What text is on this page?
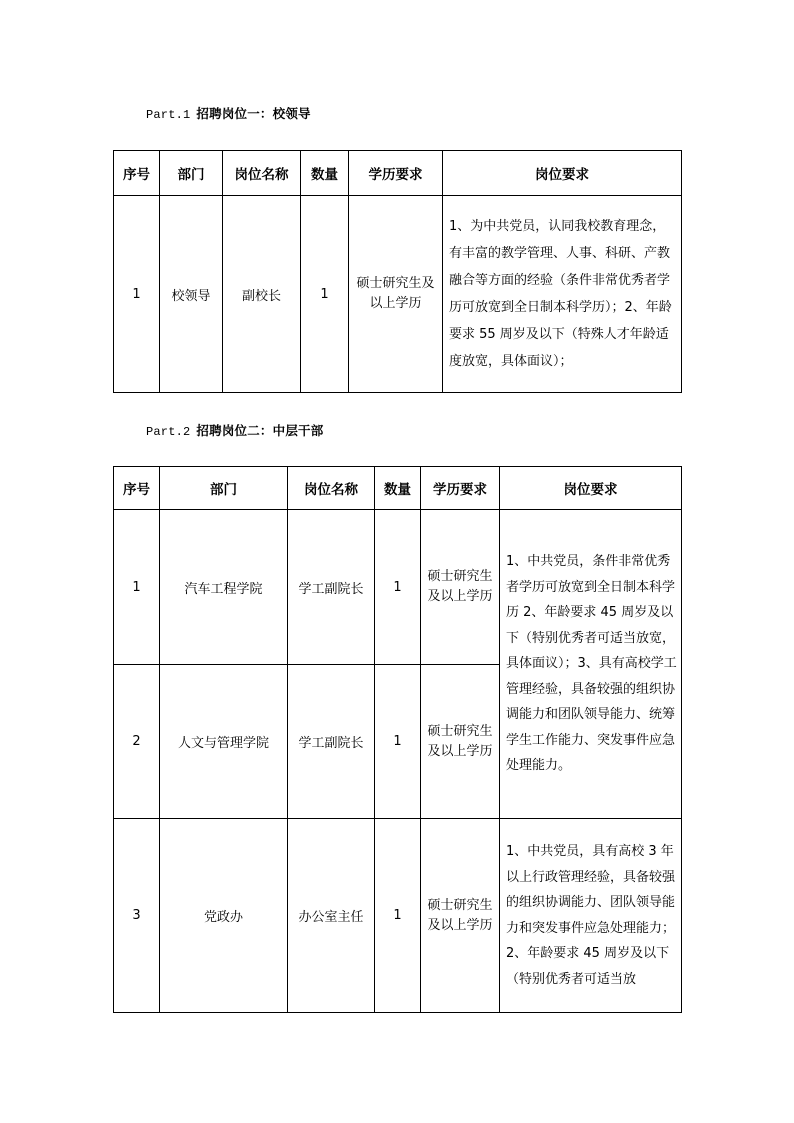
Part.1 招聘岗位一：校领导
序号	部门	岗位名称	数量	学历要求	岗位要求
1	校领导	副校长	1	硕士研究生及以上学历	1、为中共党员，认同我校教育理念，有丰富的教学管理、人事、科研、产教融合等方面的经验（条件非常优秀者学历可放宽到全日制本科学历）；2、年龄要求 55 周岁及以下（特殊人才年龄适度放宽，具体面议）；
Part.2 招聘岗位二：中层干部
序号	部门	岗位名称	数量	学历要求	岗位要求
1	汽车工程学院	学工副院长	1	硕士研究生及以上学历	1、中共党员，条件非常优秀者学历可放宽到全日制本科学历 2、年龄要求 45 周岁及以下（特别优秀者可适当放宽，具体面议）；3、具有高校学工管理经验，具备较强的组织协调能力和团队领导能力、统筹学生工作能力、突发事件应急处理能力。
2	人文与管理学院	学工副院长	1	硕士研究生及以上学历	
3	党政办	办公室主任	1	硕士研究生及以上学历	1、中共党员，具有高校 3 年以上行政管理经验，具备较强的组织协调能力、团队领导能力和突发事件应急处理能力；2、年龄要求 45 周岁及以下（特别优秀者可适当放
